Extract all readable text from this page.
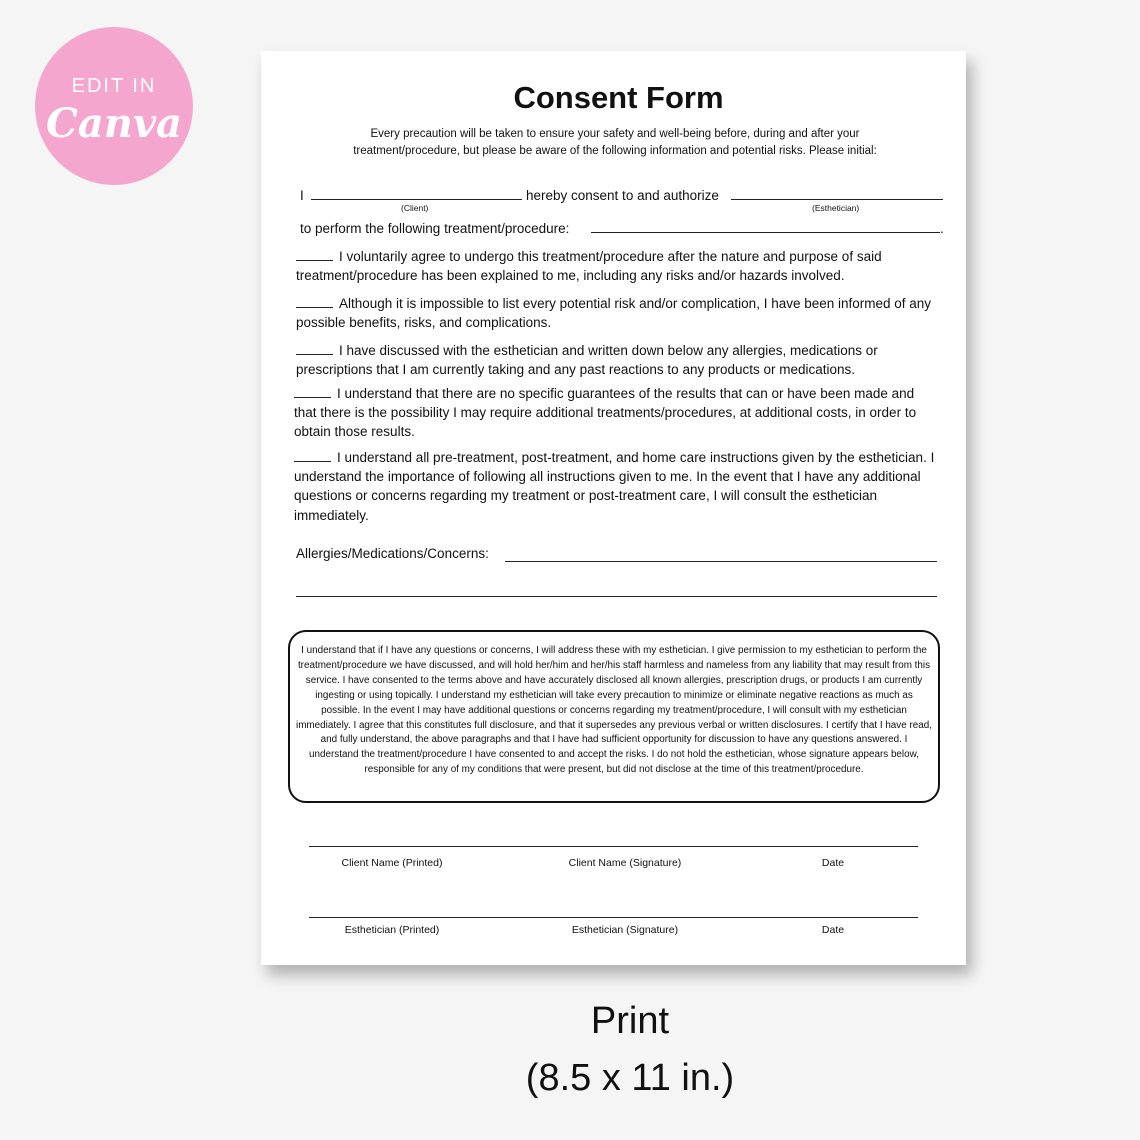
EDIT IN
Canva
Consent Form
Every precaution will be taken to ensure your safety and well-being before, during and after your treatment/procedure, but please be aware of the following information and potential risks. Please initial:
I	hereby consent to and authorize
(Client)	(Esthetician)
to perform the following treatment/procedure:	.
I voluntarily agree to undergo this treatment/procedure after the nature and purpose of said treatment/procedure has been explained to me, including any risks and/or hazards involved.
Although it is impossible to list every potential risk and/or complication, I have been informed of any possible benefits, risks, and complications.
I have discussed with the esthetician and written down below any allergies, medications or prescriptions that I am currently taking and any past reactions to any products or medications.
I understand that there are no specific guarantees of the results that can or have been made and that there is the possibility I may require additional treatments/procedures, at additional costs, in order to obtain those results.
I understand all pre-treatment, post-treatment, and home care instructions given by the esthetician. I understand the importance of following all instructions given to me. In the event that I have any additional questions or concerns regarding my treatment or post-treatment care, I will consult the esthetician immediately.
Allergies/Medications/Concerns:
I understand that if I have any questions or concerns, I will address these with my esthetician. I give permission to my esthetician to perform the treatment/procedure we have discussed, and will hold her/him and her/his staff harmless and nameless from any liability that may result from this service. I have consented to the terms above and have accurately disclosed all known allergies, prescription drugs, or products I am currently ingesting or using topically. I understand my esthetician will take every precaution to minimize or eliminate negative reactions as much as possible. In the event I may have additional questions or concerns regarding my treatment/procedure, I will consult with my esthetician immediately. I agree that this constitutes full disclosure, and that it supersedes any previous verbal or written disclosures. I certify that I have read, and fully understand, the above paragraphs and that I have had sufficient opportunity for discussion to have any questions answered. I understand the treatment/procedure I have consented to and accept the risks. I do not hold the esthetician, whose signature appears below, responsible for any of my conditions that were present, but did not disclose at the time of this treatment/procedure.
Client Name (Printed)	Client Name (Signature)	Date
Esthetician (Printed)	Esthetician (Signature)	Date
Print
(8.5 x 11 in.)
